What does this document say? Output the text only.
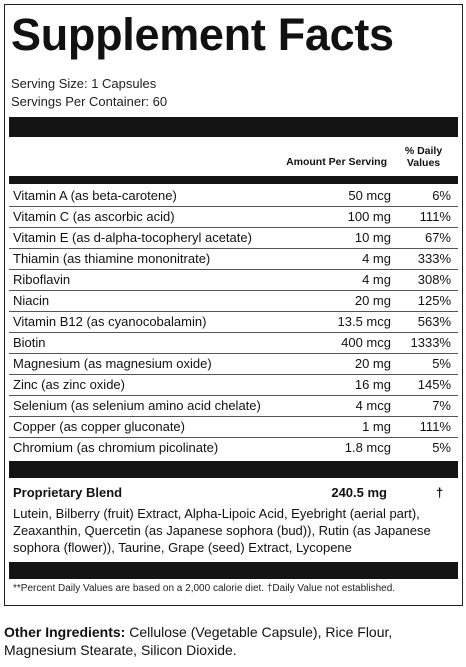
Supplement Facts
Serving Size: 1 Capsules
Servings Per Container: 60
Amount Per Serving
% Daily
Values
Vitamin A (as beta-carotene)	50 mcg	6%
Vitamin C (as ascorbic acid)	100 mg 111%
Vitamin E (as d-alpha-tocopheryl acetate)	10 mg	67%
Thiamin (as thiamine mononitrate)	4 mg 333%
Riboflavin	4 mg 308%
Niacin	20 mg 125%
Vitamin B12 (as cyanocobalamin)	13.5 mcg 563%
Biotin	400 mcg 1333%
Magnesium (as magnesium oxide)	20 mg	5%
Zinc (as zinc oxide)	16 mg 145%
Selenium (as selenium amino acid chelate)	4 mcg	7%
Copper (as copper gluconate)	1 mg 111%
Chromium (as chromium picolinate)	1.8 mcg	5%
Proprietary Blend	240.5 mg	†
Lutein, Bilberry (fruit) Extract, Alpha-Lipoic Acid, Eyebright (aerial part), Zeaxanthin, Quercetin (as Japanese sophora (bud)), Rutin (as Japanese sophora (flower)), Taurine, Grape (seed) Extract, Lycopene
**Percent Daily Values are based on a 2,000 calorie diet. †Daily Value not established.
Other Ingredients: Cellulose (Vegetable Capsule), Rice Flour, Magnesium Stearate, Silicon Dioxide.
